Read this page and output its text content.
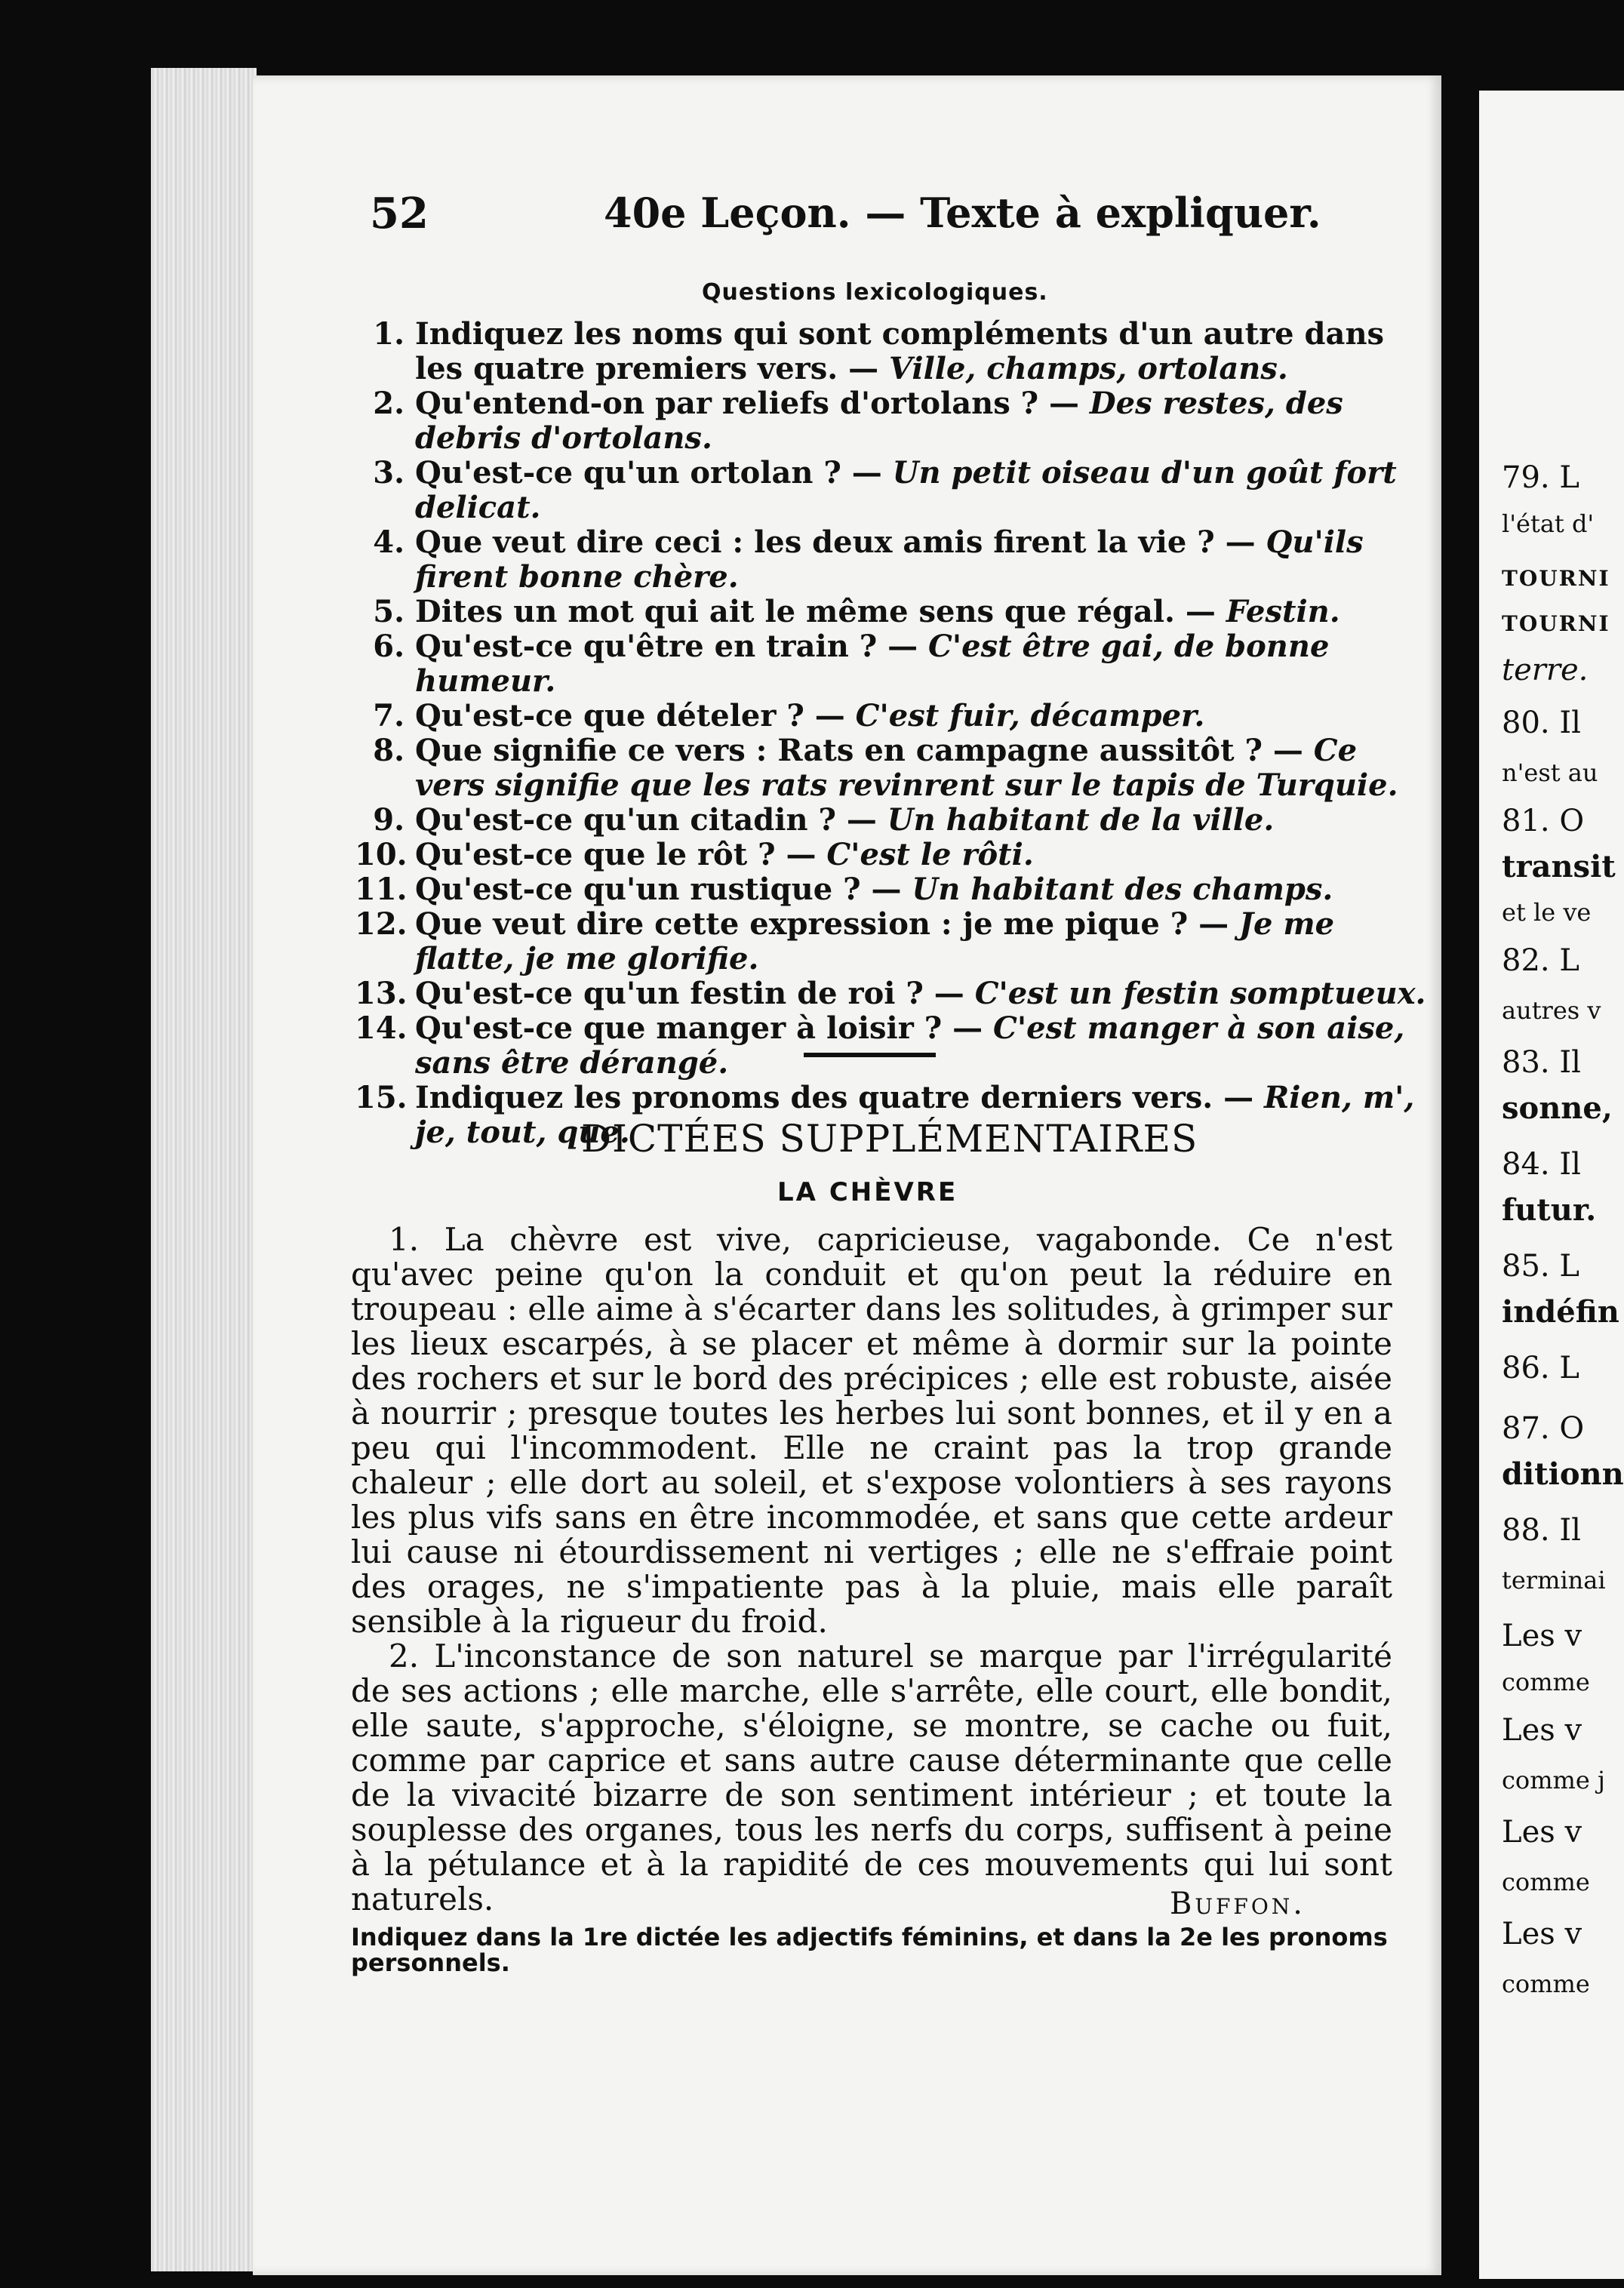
79. L
l'état d'
TOURNI
TOURNI
terre.
80. Il
n'est au
81. O
transit
et le ve
82. L
autres v
83. Il
sonne,
84. Il
futur.
85. L
indéfin
86. L
87. O
ditionn
88. Il
terminai
Les v
comme
Les v
comme j
Les v
comme
Les v
comme
52	40e Leçon. — Texte à expliquer.
Questions lexicologiques.
1. Indiquez les noms qui sont compléments d'un autre dans les quatre premiers vers. — Ville, champs, ortolans.
2. Qu'entend-on par reliefs d'ortolans ? — Des restes, des debris d'ortolans.
3. Qu'est-ce qu'un ortolan ? — Un petit oiseau d'un goût fort delicat.
4. Que veut dire ceci : les deux amis firent la vie ? — Qu'ils firent bonne chère.
5. Dites un mot qui ait le même sens que régal. — Festin.
6. Qu'est-ce qu'être en train ? — C'est être gai, de bonne humeur.
7. Qu'est-ce que dételer ? — C'est fuir, décamper.
8. Que signifie ce vers : Rats en campagne aussitôt ? — Ce vers signifie que les rats revinrent sur le tapis de Turquie.
9. Qu'est-ce qu'un citadin ? — Un habitant de la ville.
10. Qu'est-ce que le rôt ? — C'est le rôti.
11. Qu'est-ce qu'un rustique ? — Un habitant des champs.
12. Que veut dire cette expression : je me pique ? — Je me flatte, je me glorifie.
13. Qu'est-ce qu'un festin de roi ? — C'est un festin somptueux.
14. Qu'est-ce que manger à loisir ? — C'est manger à son aise, sans être dérangé.
15. Indiquez les pronoms des quatre derniers vers. — Rien, m', je, tout, que.
DICTÉES SUPPLÉMENTAIRES
LA CHÈVRE

1. La chèvre est vive, capricieuse, vagabonde. Ce n'est qu'avec peine qu'on la conduit et qu'on peut la réduire en troupeau : elle aime à s'écarter dans les solitudes, à grimper sur les lieux escarpés, à se placer et même à dormir sur la pointe des rochers et sur le bord des précipices ; elle est robuste, aisée à nourrir ; presque toutes les herbes lui sont bonnes, et il y en a peu qui l'incommodent. Elle ne craint pas la trop grande chaleur ; elle dort au soleil, et s'expose volontiers à ses rayons les plus vifs sans en être incommodée, et sans que cette ardeur lui cause ni étourdissement ni vertiges ; elle ne s'effraie point des orages, ne s'impatiente pas à la pluie, mais elle paraît sensible à la rigueur du froid.

2. L'inconstance de son naturel se marque par l'irrégularité de ses actions ; elle marche, elle s'arrête, elle court, elle bondit, elle saute, s'approche, s'éloigne, se montre, se cache ou fuit, comme par caprice et sans autre cause déterminante que celle de la vivacité bizarre de son sentiment intérieur ; et toute la souplesse des organes, tous les nerfs du corps, suffisent à peine à la pétulance et à la rapidité de ces mouvements qui lui sont naturels.	Buffon.
Indiquez dans la 1re dictée les adjectifs féminins, et dans la 2e les pronoms personnels.
